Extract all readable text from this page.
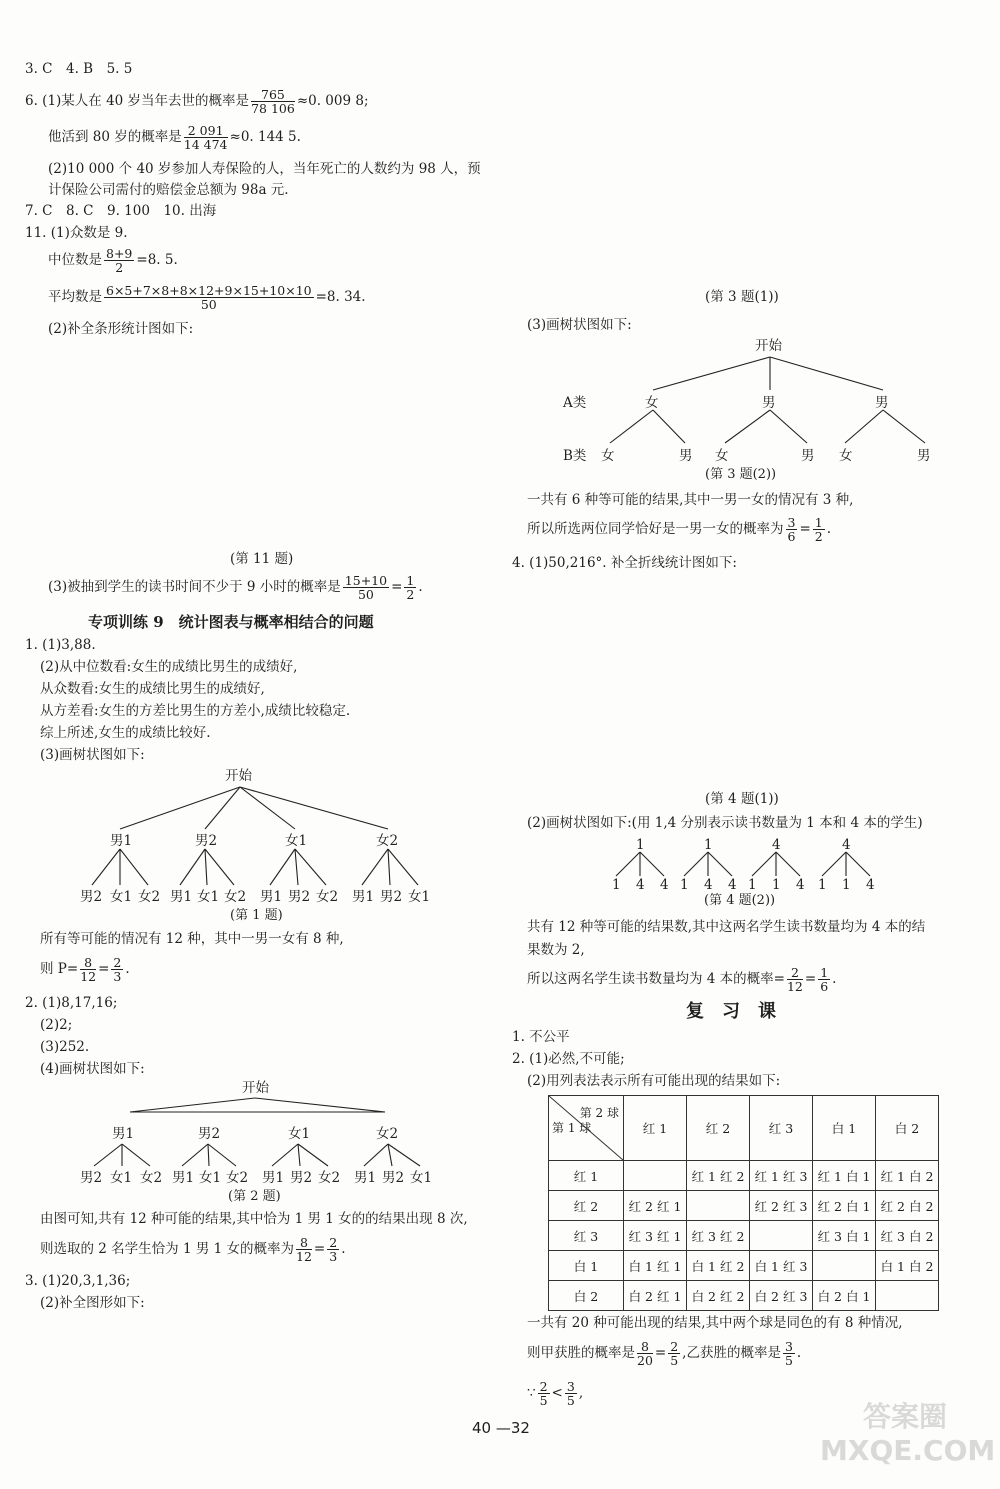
3. C　4. B　5. 5
6. (1)某人在 40 岁当年去世的概率是 $\frac{765}{78 106} \approx 0$. 009 8;
他活到 80 岁的概率是 $\frac{2 091}{14 474} \approx 0$. 144 5.
(2)10 000 个 40 岁参加人寿保险的人，当年死亡的人数约为 98 人，预
计保险公司需付的赔偿金总额为 98a 元.
7. C　8. C　9. 100　10. 出海
11. (1)众数是 9.
中位数是 $\frac{8+9}{2} =8$. 5.
平均数是 $\frac{6\times 5+7\times 8+8\times 12+9\times 15+10\times 10}{50} =8$. 34.
(2)补全条形统计图如下:
(第 11 题)
(3)被抽到学生的读书时间不少于 9 小时的概率是 $\frac{15+10}{50} = \frac{1}{2}$ .
专项训练 9　统计图表与概率相结合的问题
1. (1)3,88.
(2)从中位数看:女生的成绩比男生的成绩好,
从众数看:女生的成绩比男生的成绩好,
从方差看:女生的方差比男生的方差小,成绩比较稳定.
综上所述,女生的成绩比较好.
(3)画树状图如下:
开始
男1	男2	女1	女2
男2 女1 女2 男1 女1 女2 男1 男2 女2 男1 男2 女1
(第 1 题)
所有等可能的情况有 12 种，其中一男一女有 8 种,
则 $P= \frac{8}{12} = \frac{2}{3}$ .
2. (1)8,17,16;
(2)2;
(3)252.
(4)画树状图如下:
开始
男1	男2	女1	女2
男2 女1 女2 男1 女1 女2 男1 男2 女2 男1 男2 女1
(第 2 题)
由图可知,共有 12 种可能的结果,其中恰为 1 男 1 女的的结果出现 8 次,
则选取的 2 名学生恰为 1 男 1 女的概率为 $\frac{8}{12} = \frac{2}{3}$ .
3. (1)20,3,1,36;
(2)补全图形如下:
(第 3 题(1))
(3)画树状图如下:
开始
A类
B类
女	男	男
女	男 女	男 女	男
(第 3 题(2))
一共有 6 种等可能的结果,其中一男一女的情况有 3 种,
所以所选两位同学恰好是一男一女的概率为 $\frac{3}{6} = \frac{1}{2}$ .
4. (1)50,216°. 补全折线统计图如下:
(第 4 题(1))
(2)画树状图如下:(用 1,4 分别表示读书数量为 1 本和 4 本的学生)
1	1	4	4
1 4 4 1 4 4 1 1 4 1 1 4
(第 4 题(2))
共有 12 种等可能的结果数,其中这两名学生读书数量均为 4 本的结
果数为 2,
所以这两名学生读书数量均为 4 本的概率= $\frac{2}{12} = \frac{1}{6}$ .
复　习　课
1. 不公平
2. (1)必然,不可能;
(2)用列表法表示所有可能出现的结果如下:
第 2 球
第 1 球	红 1	红 2	红 3	白 1	白 2
红 1		红 1 红 2	红 1 红 3	红 1 白 1	红 1 白 2
红 2	红 2 红 1		红 2 红 3	红 2 白 1	红 2 白 2
红 3	红 3 红 1	红 3 红 2		红 3 白 1	红 3 白 2
白 1	白 1 红 1	白 1 红 2	白 1 红 3		白 1 白 2
白 2	白 2 红 1	白 2 红 2	白 2 红 3	白 2 白 1	
一共有 20 种可能出现的结果,其中两个球是同色的有 8 种情况,
则甲获胜的概率是 $\frac{8}{20} = \frac{2}{5}$ ,乙获胜的概率是 $\frac{3}{5}$ .
∵ $\frac{2}{5} < \frac{3}{5}$ ,
40 —32	答案圈 MXQE.COM
